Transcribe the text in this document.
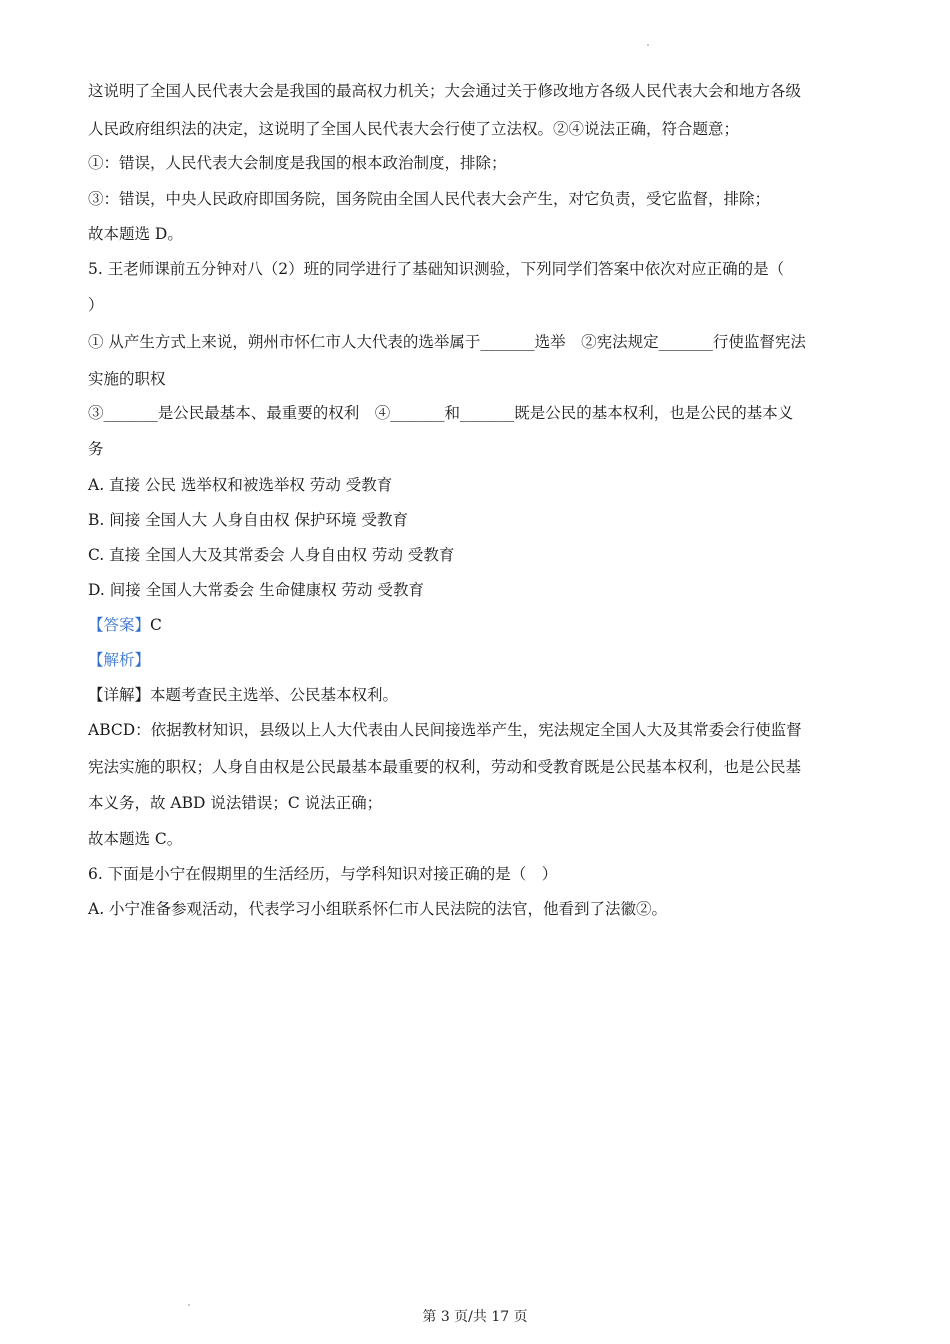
这说明了全国人民代表大会是我国的最高权力机关；大会通过关于修改地方各级人民代表大会和地方各级
人民政府组织法的决定，这说明了全国人民代表大会行使了立法权。②④说法正确，符合题意；
①：错误，人民代表大会制度是我国的根本政治制度，排除；
③：错误，中央人民政府即国务院，国务院由全国人民代表大会产生，对它负责，受它监督，排除；
故本题选 D。
5. 王老师课前五分钟对八（2）班的同学进行了基础知识测验，下列同学们答案中依次对应正确的是（
）
① 从产生方式上来说，朔州市怀仁市人大代表的选举属于_______选举　②宪法规定_______行使监督宪法
实施的职权
③_______是公民最基本、最重要的权利　④_______和_______既是公民的基本权利，也是公民的基本义
务
A. 直接 公民 选举权和被选举权 劳动 受教育
B. 间接 全国人大 人身自由权 保护环境 受教育
C. 直接 全国人大及其常委会 人身自由权 劳动 受教育
D. 间接 全国人大常委会 生命健康权 劳动 受教育
【答案】C
【解析】
【详解】本题考查民主选举、公民基本权利。
ABCD：依据教材知识，县级以上人大代表由人民间接选举产生，宪法规定全国人大及其常委会行使监督
宪法实施的职权；人身自由权是公民最基本最重要的权利，劳动和受教育既是公民基本权利，也是公民基
本义务，故 ABD 说法错误；C 说法正确；
故本题选 C。
6. 下面是小宁在假期里的生活经历，与学科知识对接正确的是（　）
A. 小宁准备参观活动，代表学习小组联系怀仁市人民法院的法官，他看到了法徽②。
第 3 页/共 17 页
